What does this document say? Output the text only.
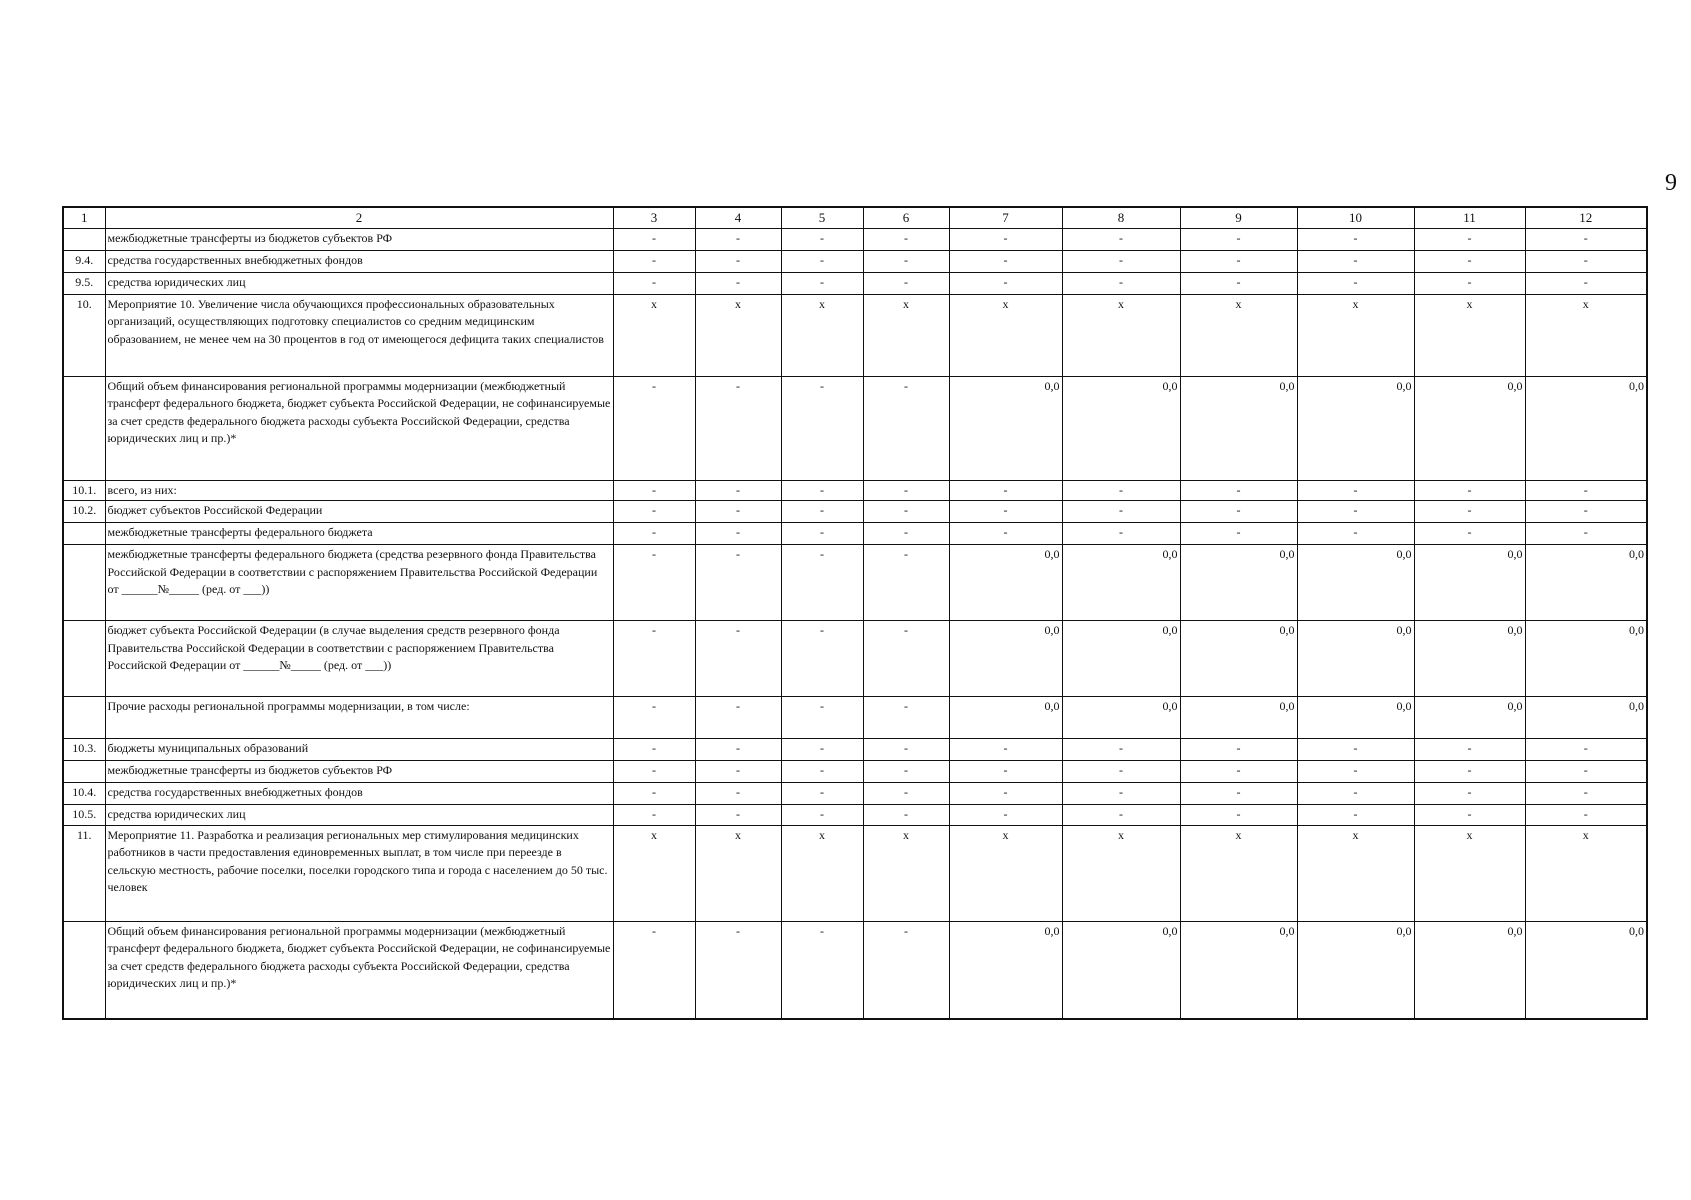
9
1	2	3	4	5	6	7	8	9	10	11	12
	межбюджетные трансферты из бюджетов субъектов РФ	-	-	-	-	-	-	-	-	-	-
9.4.	средства государственных внебюджетных фондов	-	-	-	-	-	-	-	-	-	-
9.5.	средства юридических лиц	-	-	-	-	-	-	-	-	-	-
10.	Мероприятие 10. Увеличение числа обучающихся профессиональных образовательных организаций, осуществляющих подготовку специалистов со средним медицинским образованием, не менее чем на 30 процентов в год от имеющегося дефицита таких специалистов	x	x	x	x	x	x	x	x	x	x
	Общий объем финансирования региональной программы модернизации (межбюджетный трансферт федерального бюджета, бюджет субъекта Российской Федерации, не софинансируемые за счет средств федерального бюджета расходы субъекта Российской Федерации, средства юридических лиц и пр.)*	-	-	-	-	0,0	0,0	0,0	0,0	0,0	0,0
10.1.	всего, из них:	-	-	-	-	-	-	-	-	-	-
10.2.	бюджет субъектов Российской Федерации	-	-	-	-	-	-	-	-	-	-
	межбюджетные трансферты федерального бюджета	-	-	-	-	-	-	-	-	-	-
	межбюджетные трансферты федерального бюджета (средства резервного фонда Правительства Российской Федерации в соответствии с распоряжением Правительства Российской Федерации от ______№_____ (ред. от ___))	-	-	-	-	0,0	0,0	0,0	0,0	0,0	0,0
	бюджет субъекта Российской Федерации (в случае выделения средств резервного фонда Правительства Российской Федерации в соответствии с распоряжением Правительства Российской Федерации от ______№_____ (ред. от ___))	-	-	-	-	0,0	0,0	0,0	0,0	0,0	0,0
	Прочие расходы региональной программы модернизации, в том числе:	-	-	-	-	0,0	0,0	0,0	0,0	0,0	0,0
10.3.	бюджеты муниципальных образований	-	-	-	-	-	-	-	-	-	-
	межбюджетные трансферты из бюджетов субъектов РФ	-	-	-	-	-	-	-	-	-	-
10.4.	средства государственных внебюджетных фондов	-	-	-	-	-	-	-	-	-	-
10.5.	средства юридических лиц	-	-	-	-	-	-	-	-	-	-
11.	Мероприятие 11. Разработка и реализация региональных мер стимулирования медицинских работников в части предоставления единовременных выплат, в том числе при переезде в сельскую местность, рабочие поселки, поселки городского типа и города с населением до 50 тыс. человек	x	x	x	x	x	x	x	x	x	x
	Общий объем финансирования региональной программы модернизации (межбюджетный трансферт федерального бюджета, бюджет субъекта Российской Федерации, не софинансируемые за счет средств федерального бюджета расходы субъекта Российской Федерации, средства юридических лиц и пр.)*	-	-	-	-	0,0	0,0	0,0	0,0	0,0	0,0
